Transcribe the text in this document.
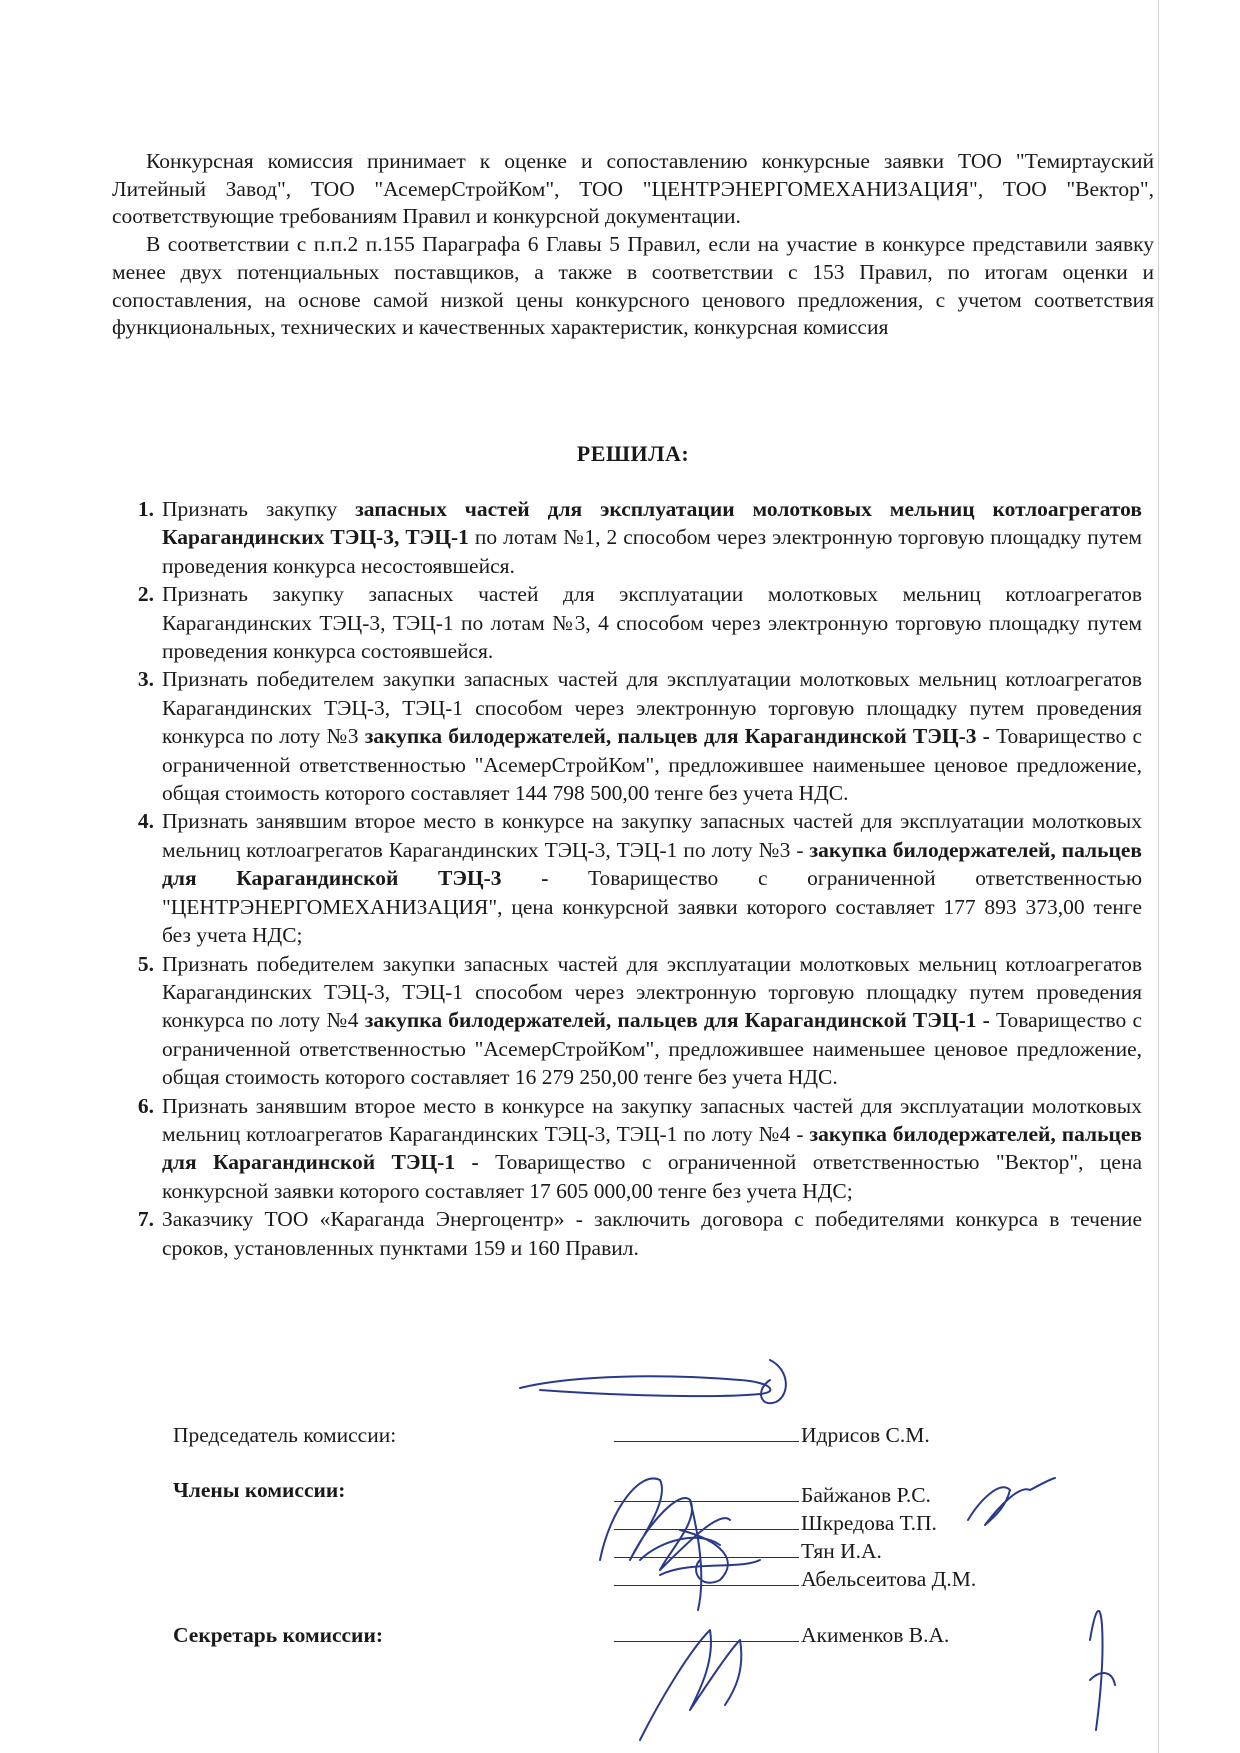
Конкурсная комиссия принимает к оценке и сопоставлению конкурсные заявки ТОО "Темиртауский Литейный Завод", ТОО "АсемерСтройКом", ТОО "ЦЕНТРЭНЕРГОМЕХАНИЗАЦИЯ", ТОО "Вектор", соответствующие требованиям Правил и конкурсной документации.

В соответствии с п.п.2 п.155 Параграфа 6 Главы 5 Правил, если на участие в конкурсе представили заявку менее двух потенциальных поставщиков, а также в соответствии с 153 Правил, по итогам оценки и сопоставления, на основе самой низкой цены конкурсного ценового предложения, с учетом соответствия функциональных, технических и качественных характеристик, конкурсная комиссия

РЕШИЛА:
1. Признать закупку запасных частей для эксплуатации молотковых мельниц котлоагрегатов Карагандинских ТЭЦ-3, ТЭЦ-1 по лотам №1, 2 способом через электронную торговую площадку путем проведения конкурса несостоявшейся.
2. Признать закупку запасных частей для эксплуатации молотковых мельниц котлоагрегатов Карагандинских ТЭЦ-3, ТЭЦ-1 по лотам №3, 4 способом через электронную торговую площадку путем проведения конкурса состоявшейся.
3. Признать победителем закупки запасных частей для эксплуатации молотковых мельниц котлоагрегатов Карагандинских ТЭЦ-3, ТЭЦ-1 способом через электронную торговую площадку путем проведения конкурса по лоту №3 закупка билодержателей, пальцев для Карагандинской ТЭЦ-3 - Товарищество с ограниченной ответственностью "АсемерСтройКом", предложившее наименьшее ценовое предложение, общая стоимость которого составляет 144 798 500,00 тенге без учета НДС.
4. Признать занявшим второе место в конкурсе на закупку запасных частей для эксплуатации молотковых мельниц котлоагрегатов Карагандинских ТЭЦ-3, ТЭЦ-1 по лоту №3 - закупка билодержателей, пальцев для Карагандинской ТЭЦ-3 - Товарищество с ограниченной ответственностью "ЦЕНТРЭНЕРГОМЕХАНИЗАЦИЯ", цена конкурсной заявки которого составляет 177 893 373,00 тенге без учета НДС;
5. Признать победителем закупки запасных частей для эксплуатации молотковых мельниц котлоагрегатов Карагандинских ТЭЦ-3, ТЭЦ-1 способом через электронную торговую площадку путем проведения конкурса по лоту №4 закупка билодержателей, пальцев для Карагандинской ТЭЦ-1 - Товарищество с ограниченной ответственностью "АсемерСтройКом", предложившее наименьшее ценовое предложение, общая стоимость которого составляет 16 279 250,00 тенге без учета НДС.
6. Признать занявшим второе место в конкурсе на закупку запасных частей для эксплуатации молотковых мельниц котлоагрегатов Карагандинских ТЭЦ-3, ТЭЦ-1 по лоту №4 - закупка билодержателей, пальцев для Карагандинской ТЭЦ-1 - Товарищество с ограниченной ответственностью "Вектор", цена конкурсной заявки которого составляет 17 605 000,00 тенге без учета НДС;
7. Заказчику ТОО «Караганда Энергоцентр» - заключить договора с победителями конкурса в течение сроков, установленных пунктами 159 и 160 Правил.
Председатель комиссии:	Идрисов С.М.
Члены комиссии:	Байжанов Р.С.
Шкредова Т.П.
Тян И.А.
Абельсеитова Д.М.
Секретарь комиссии:	Акименков В.А.
